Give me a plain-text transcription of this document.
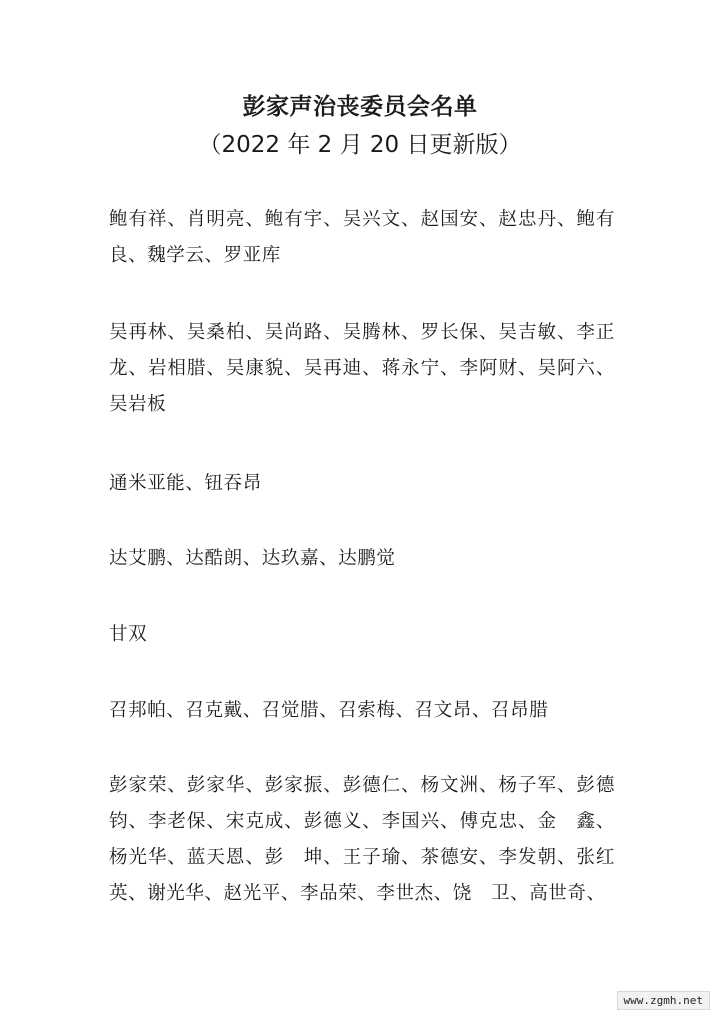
彭家声治丧委员会名单
（2022 年 2 月 20 日更新版）
鲍有祥、肖明亮、鲍有宇、吴兴文、赵国安、赵忠丹、鲍有良、魏学云、罗亚库
吴再林、吴桑柏、吴尚路、吴腾林、罗长保、吴吉敏、李正龙、岩相腊、吴康貌、吴再迪、蒋永宁、李阿财、吴阿六、吴岩板
通米亚能、钮吞昂
达艾鹏、达酷朗、达玖嘉、达鹏觉
甘双
召邦帕、召克戴、召觉腊、召索梅、召文昂、召昂腊
彭家荣、彭家华、彭家振、彭德仁、杨文洲、杨子军、彭德钧、李老保、宋克成、彭德义、李国兴、傅克忠、金　鑫、杨光华、蓝天恩、彭　坤、王子瑜、茶德安、李发朝、张红英、谢光华、赵光平、李品荣、李世杰、饶　卫、高世奇、
www.zgmh.net
